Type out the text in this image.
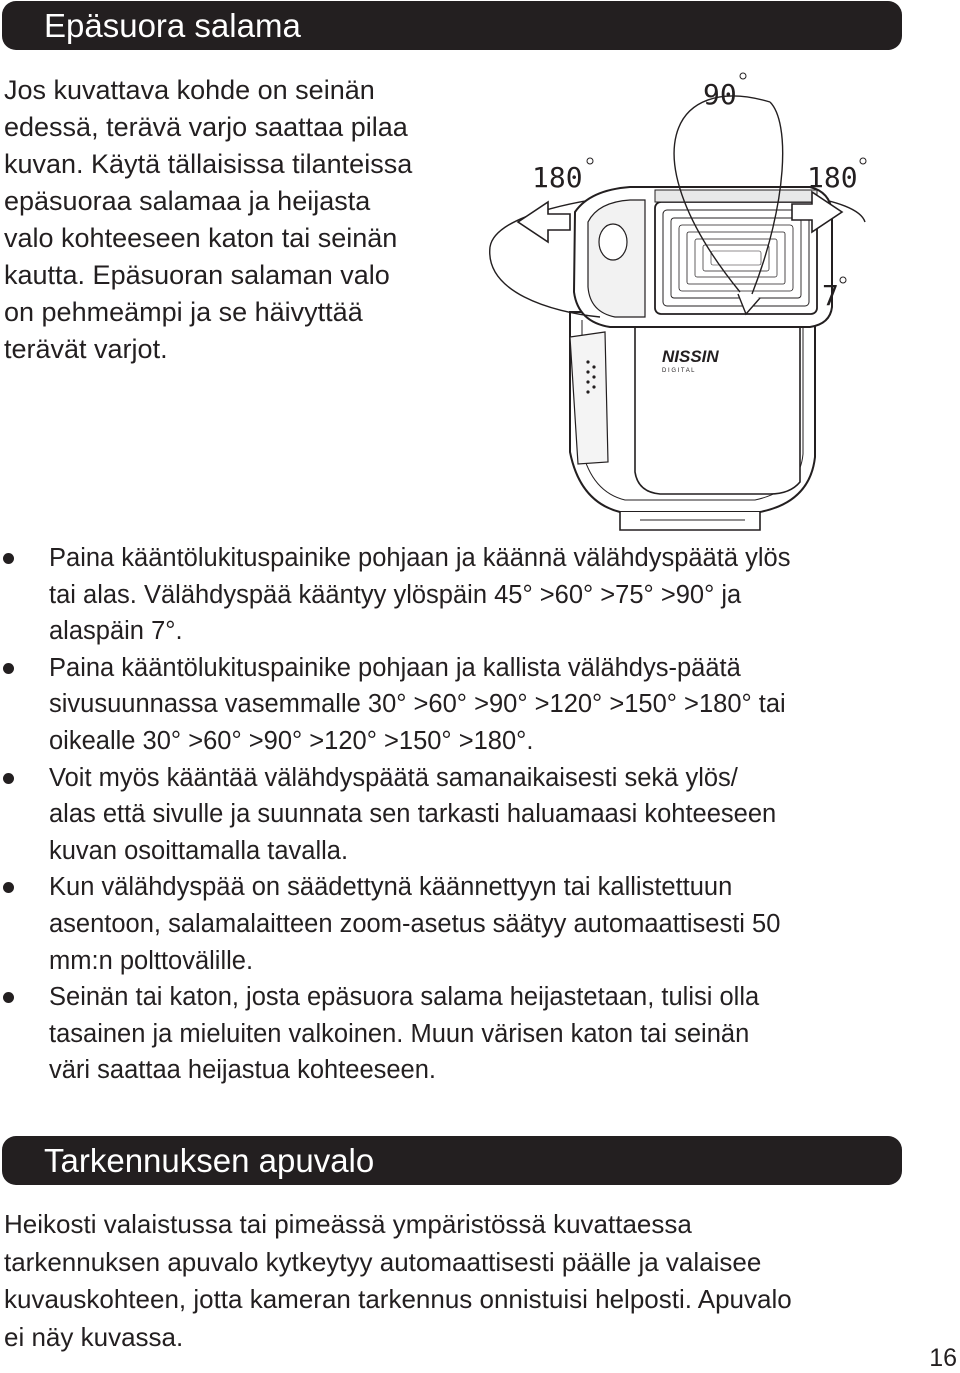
Epäsuora salama

Jos kuvattava kohde on seinän
edessä, terävä varjo saattaa pilaa
kuvan. Käytä tällaisissa tilanteissa
epäsuoraa salamaa ja heijasta
valo kohteeseen katon tai seinän
kautta. Epäsuoran salaman valo
on pehmeämpi ja se häivyttää
terävät varjot.	NISSIN
D I G I T A L
90
180	180
7
Paina kääntölukituspainike pohjaan ja käännä välähdyspäätä ylös
tai alas. Välähdyspää kääntyy ylöspäin 45° >60° >75° >90° ja
alaspäin 7°.
Paina kääntölukituspainike pohjaan ja kallista välähdys-päätä
sivusuunnassa vasemmalle 30° >60° >90° >120° >150° >180° tai
oikealle 30° >60° >90° >120° >150° >180°.
Voit myös kääntää välähdyspäätä samanaikaisesti sekä ylös/
alas että sivulle ja suunnata sen tarkasti haluamaasi kohteeseen
kuvan osoittamalla tavalla.
Kun välähdyspää on säädettynä käännettyyn tai kallistettuun
asentoon, salamalaitteen zoom-asetus säätyy automaattisesti 50
mm:n polttovälille.
Seinän tai katon, josta epäsuora salama heijastetaan, tulisi olla
tasainen ja mieluiten valkoinen. Muun värisen katon tai seinän
väri saattaa heijastua kohteeseen.
Tarkennuksen apuvalo

Heikosti valaistussa tai pimeässä ympäristössä kuvattaessa
tarkennuksen apuvalo kytkeytyy automaattisesti päälle ja valaisee
kuvauskohteen, jotta kameran tarkennus onnistuisi helposti. Apuvalo
ei näy kuvassa.

16
